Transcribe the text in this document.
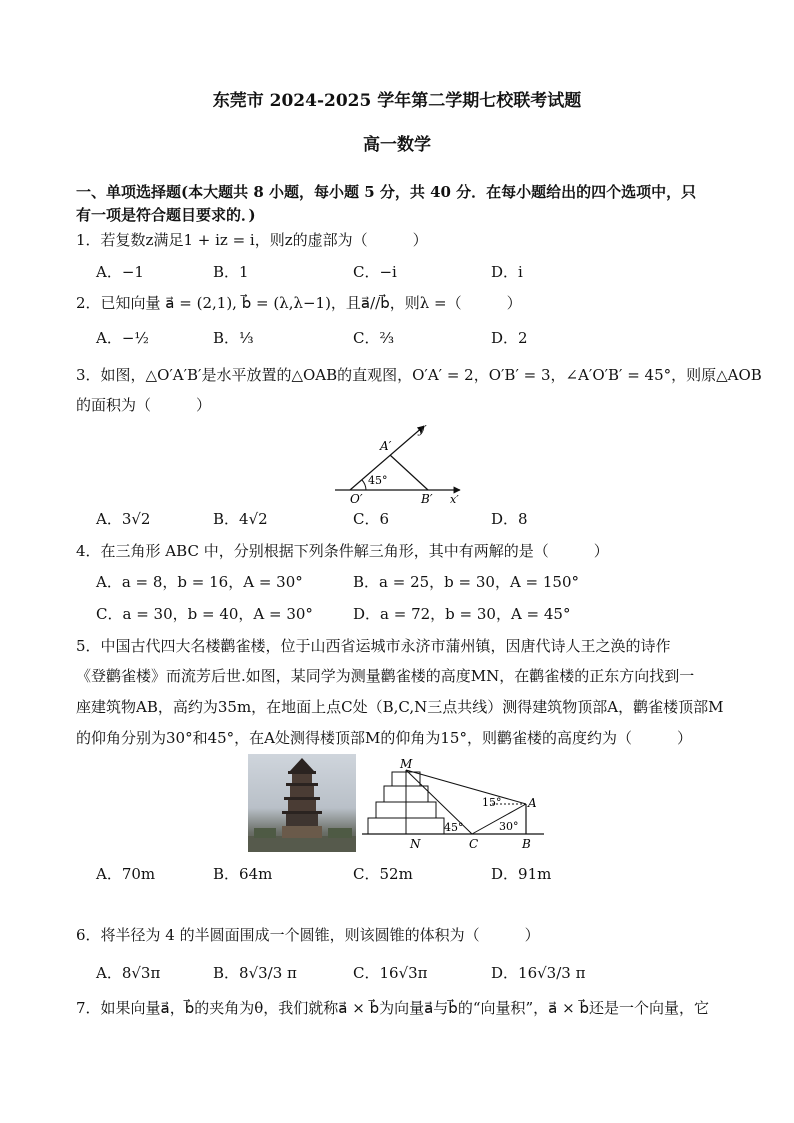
东莞市 2024-2025 学年第二学期七校联考试题
高一数学
一、单项选择题(本大题共 8 小题，每小题 5 分，共 40 分．在每小题给出的四个选项中，只
有一项是符合题目要求的．)
1．若复数z满足1 + iz = i，则z的虚部为（　　　）
A．−1	B．1	C．−i	D．i
2．已知向量 a⃗ = (2,1), b⃗ = (λ,λ−1)，且a⃗//b⃗，则λ =（　　　）
A．−½	B．⅓	C．⅔	D．2
3．如图，△O′A′B′是水平放置的△OAB的直观图，O′A′ = 2，O′B′ = 3，∠A′O′B′ = 45°，则原△AOB
的面积为（　　　）
y′
A′
45°
O′	B′ x′
A．3√2	B．4√2	C．6	D．8
4．在三角形 ABC 中，分别根据下列条件解三角形，其中有两解的是（　　　）
A．a = 8，b = 16，A = 30°	B．a = 25，b = 30，A = 150°
C．a = 30，b = 40，A = 30°	D．a = 72，b = 30，A = 45°
5．中国古代四大名楼鹳雀楼，位于山西省运城市永济市蒲州镇，因唐代诗人王之涣的诗作
《登鹳雀楼》而流芳后世.如图，某同学为测量鹳雀楼的高度MN，在鹳雀楼的正东方向找到一
座建筑物AB，高约为35m，在地面上点C处（B,C,N三点共线）测得建筑物顶部A，鹳雀楼顶部M
的仰角分别为30°和45°，在A处测得楼顶部M的仰角为15°，则鹳雀楼的高度约为（　　　）
M
A
15°
45°	30°
N	C	B
A．70m	B．64m	C．52m	D．91m
6．将半径为 4 的半圆面围成一个圆锥，则该圆锥的体积为（　　　）
A．8√3π	B．8√3/3 π	C．16√3π	D．16√3/3 π
7．如果向量a⃗，b⃗的夹角为θ，我们就称a⃗ × b⃗为向量a⃗与b⃗的“向量积”，a⃗ × b⃗还是一个向量，它
